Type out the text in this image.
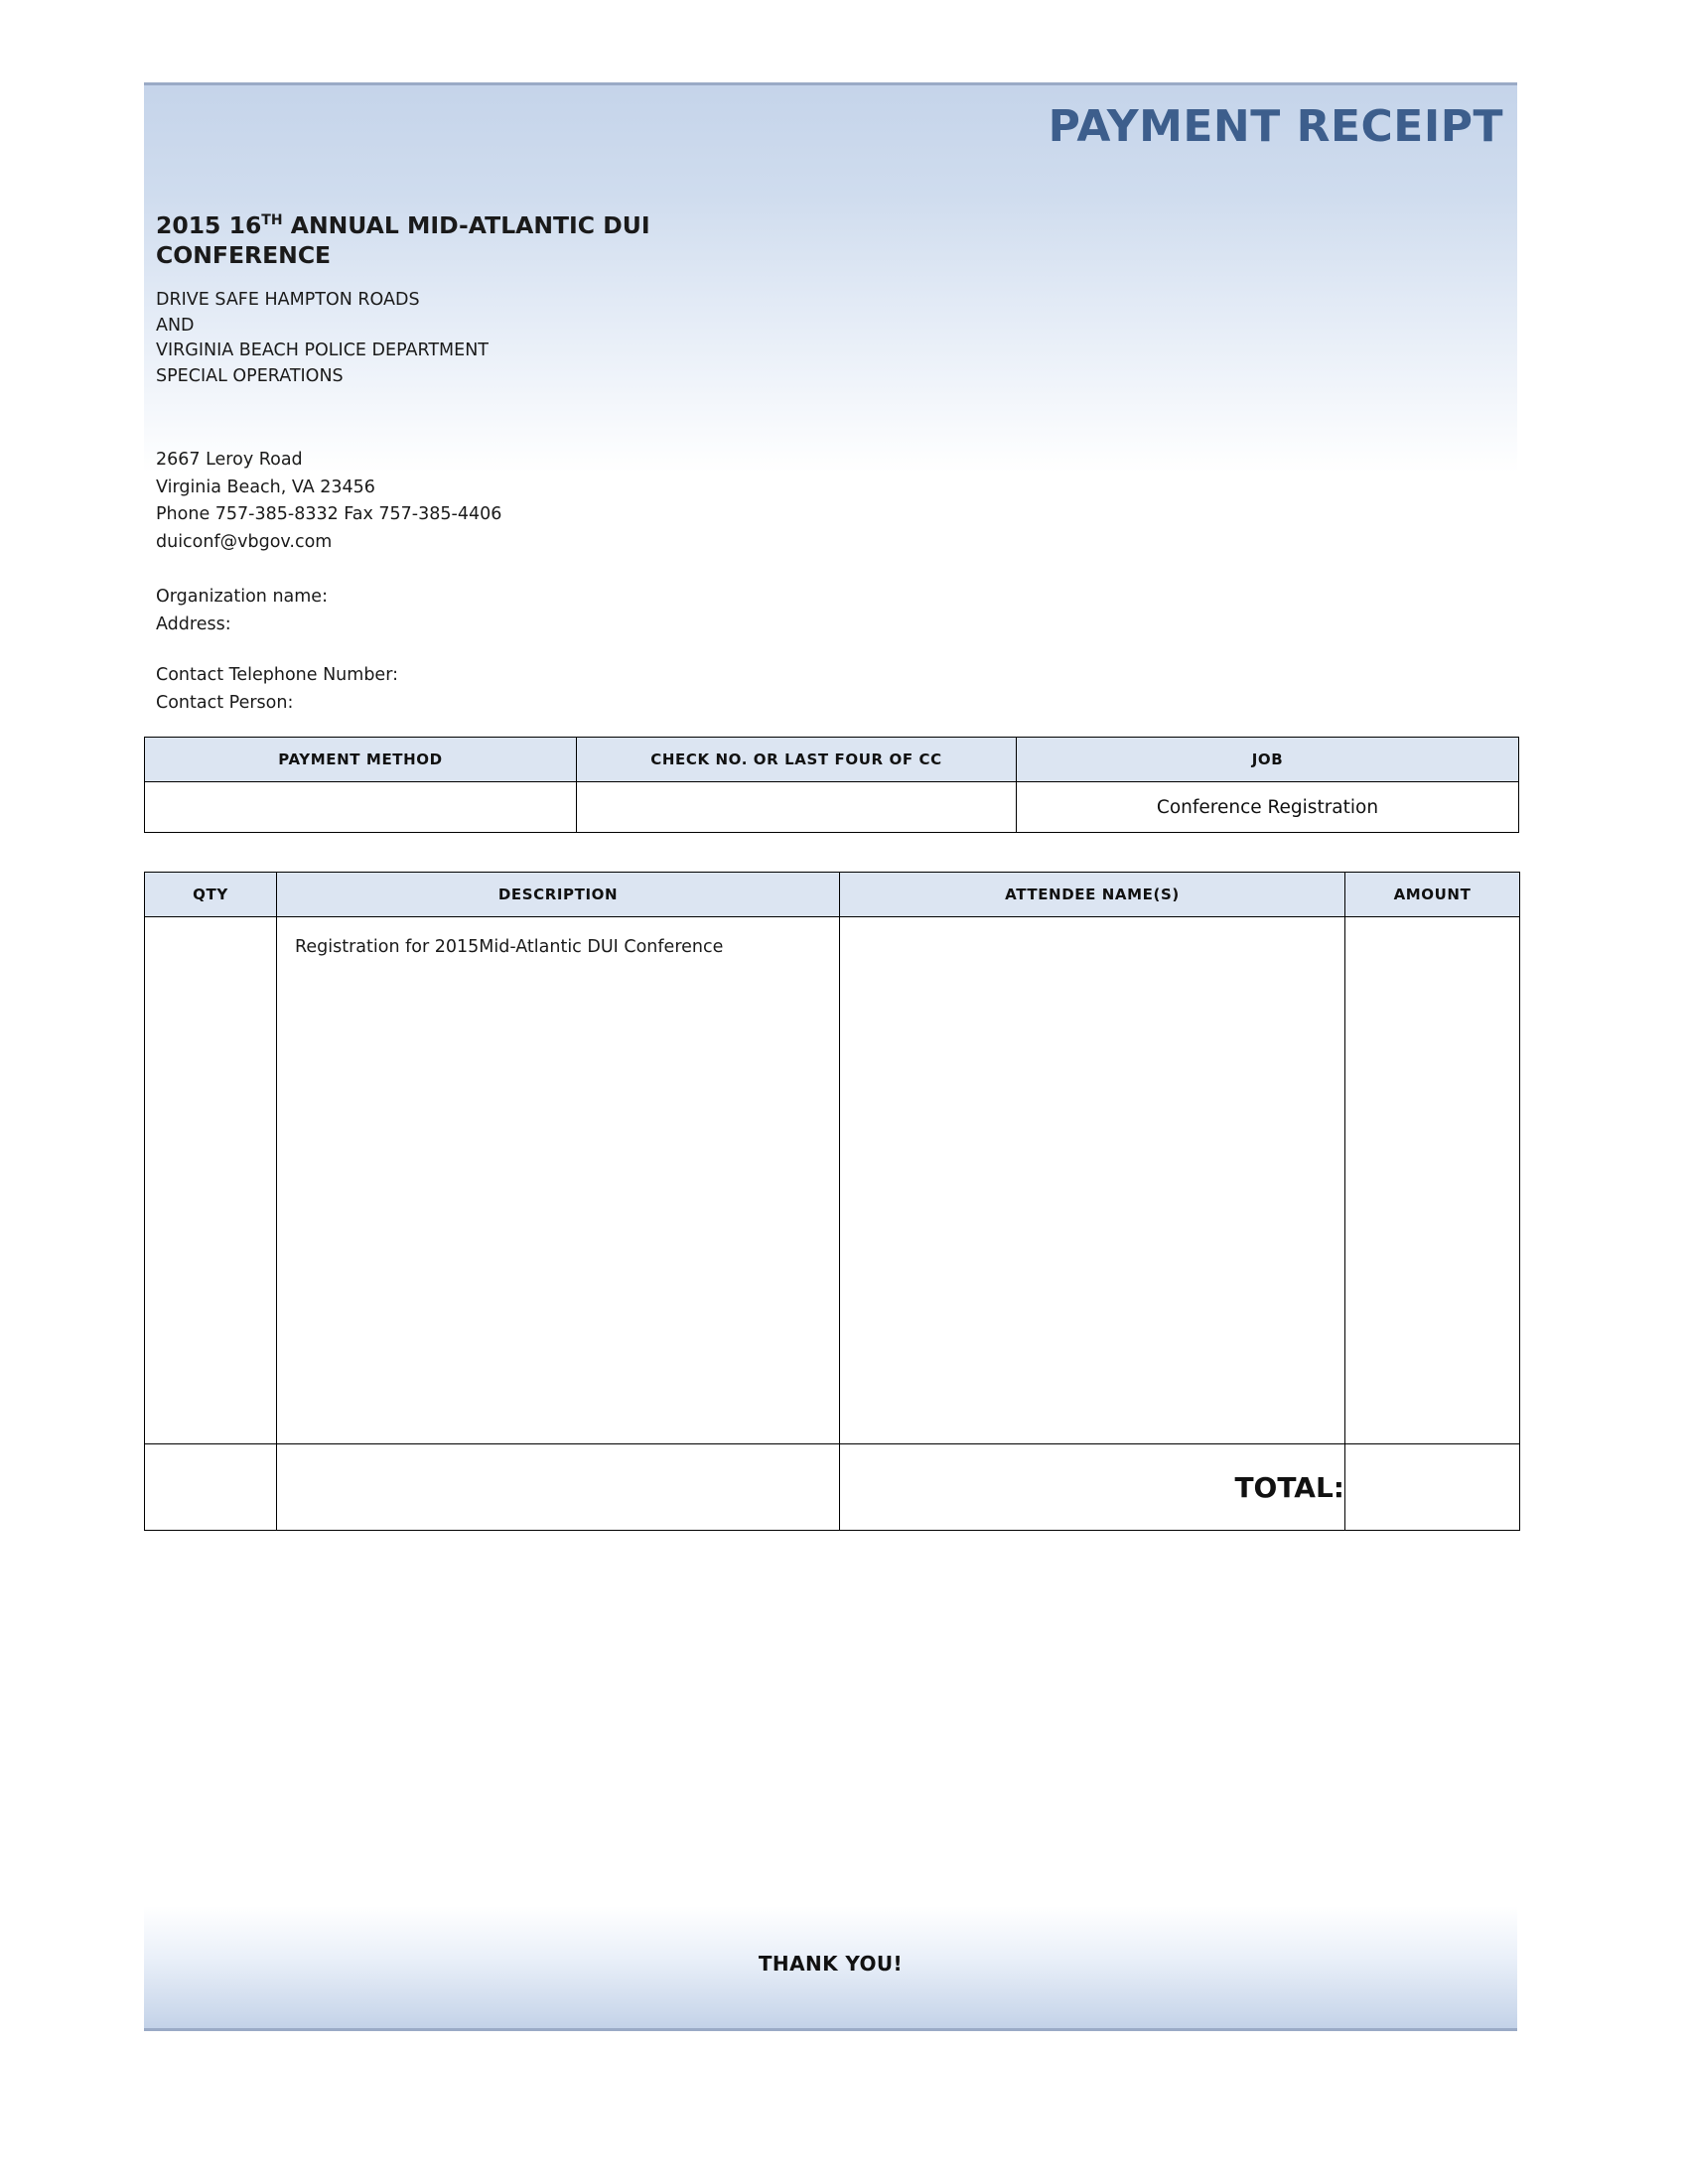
PAYMENT RECEIPT
2015 16TH ANNUAL MID-ATLANTIC DUI
CONFERENCE
DRIVE SAFE HAMPTON ROADS
AND
VIRGINIA BEACH POLICE DEPARTMENT
SPECIAL OPERATIONS
2667 Leroy Road
Virginia Beach, VA 23456
Phone 757-385-8332 Fax 757-385-4406
duiconf@vbgov.com
Organization name:
Address:
Contact Telephone Number:
Contact Person:
PAYMENT METHOD	CHECK NO. OR LAST FOUR OF CC	JOB
		Conference Registration
QTY	DESCRIPTION	ATTENDEE NAME(S)	AMOUNT

	Registration for 2015Mid-Atlantic DUI Conference		

		TOTAL:	
THANK YOU!
